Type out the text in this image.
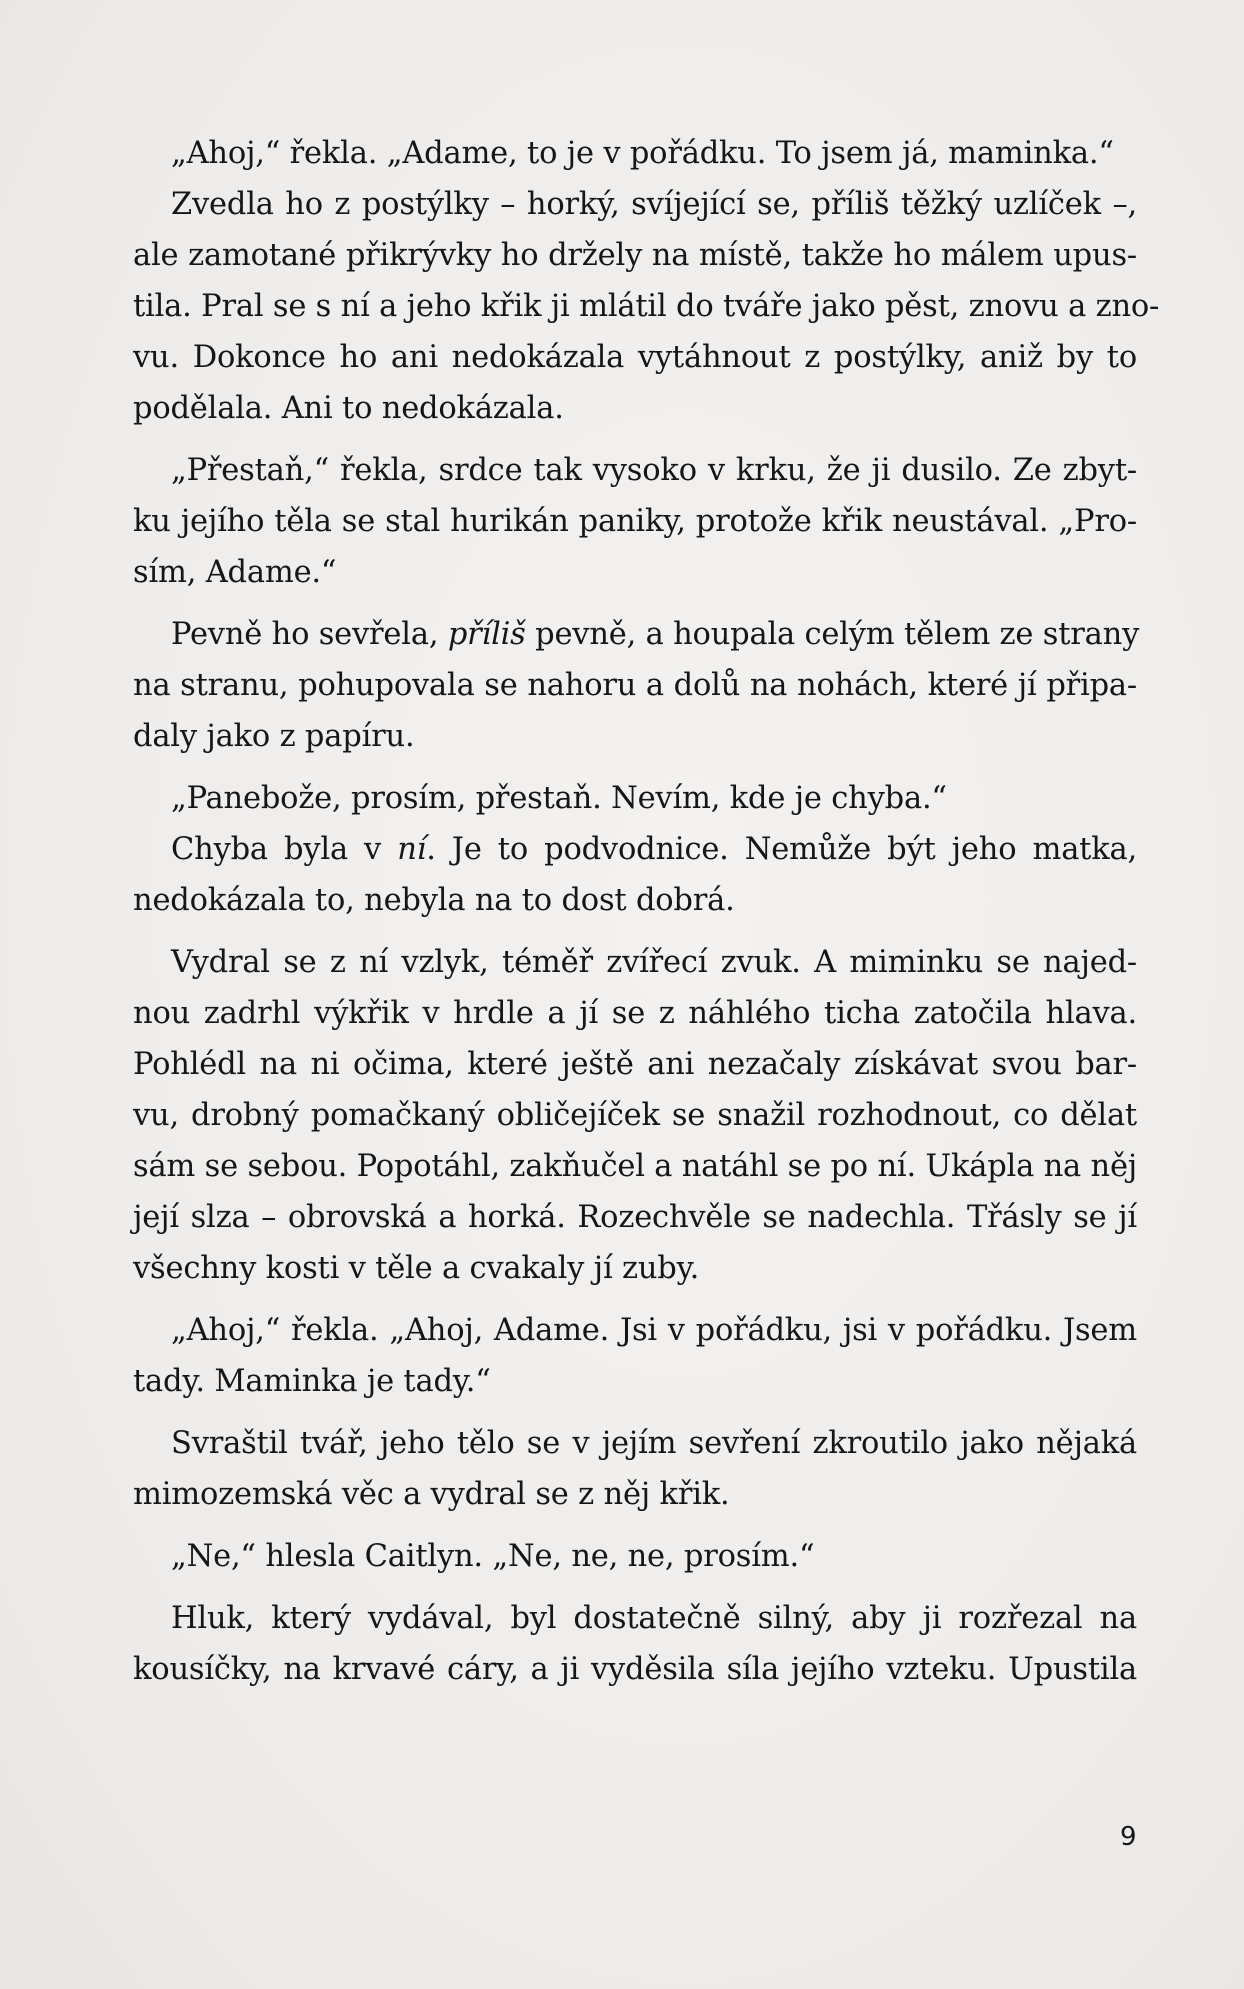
„Ahoj,“ řekla. „Adame, to je v pořádku. To jsem já, maminka.“
Zvedla ho z postýlky – horký, svíjející se, příliš těžký uzlíček –,
ale zamotané přikrývky ho držely na místě, takže ho málem upus-
tila. Pral se s ní a jeho křik ji mlátil do tváře jako pěst, znovu a zno-
vu. Dokonce ho ani nedokázala vytáhnout z postýlky, aniž by to
podělala. Ani to nedokázala.
„Přestaň,“ řekla, srdce tak vysoko v krku, že ji dusilo. Ze zbyt-
ku jejího těla se stal hurikán paniky, protože křik neustával. „Pro-
sím, Adame.“
Pevně ho sevřela, příliš pevně, a houpala celým tělem ze strany
na stranu, pohupovala se nahoru a dolů na nohách, které jí připa-
daly jako z papíru.
„Panebože, prosím, přestaň. Nevím, kde je chyba.“
Chyba byla v ní. Je to podvodnice. Nemůže být jeho matka,
nedokázala to, nebyla na to dost dobrá.
Vydral se z ní vzlyk, téměř zvířecí zvuk. A miminku se najed-
nou zadrhl výkřik v hrdle a jí se z náhlého ticha zatočila hlava.
Pohlédl na ni očima, které ještě ani nezačaly získávat svou bar-
vu, drobný pomačkaný obličejíček se snažil rozhodnout, co dělat
sám se sebou. Popotáhl, zakňučel a natáhl se po ní. Ukápla na něj
její slza – obrovská a horká. Rozechvěle se nadechla. Třásly se jí
všechny kosti v těle a cvakaly jí zuby.
„Ahoj,“ řekla. „Ahoj, Adame. Jsi v pořádku, jsi v pořádku. Jsem
tady. Maminka je tady.“
Svraštil tvář, jeho tělo se v jejím sevření zkroutilo jako nějaká
mimozemská věc a vydral se z něj křik.
„Ne,“ hlesla Caitlyn. „Ne, ne, ne, prosím.“
Hluk, který vydával, byl dostatečně silný, aby ji rozřezal na
kousíčky, na krvavé cáry, a ji vyděsila síla jejího vzteku. Upustila
9
